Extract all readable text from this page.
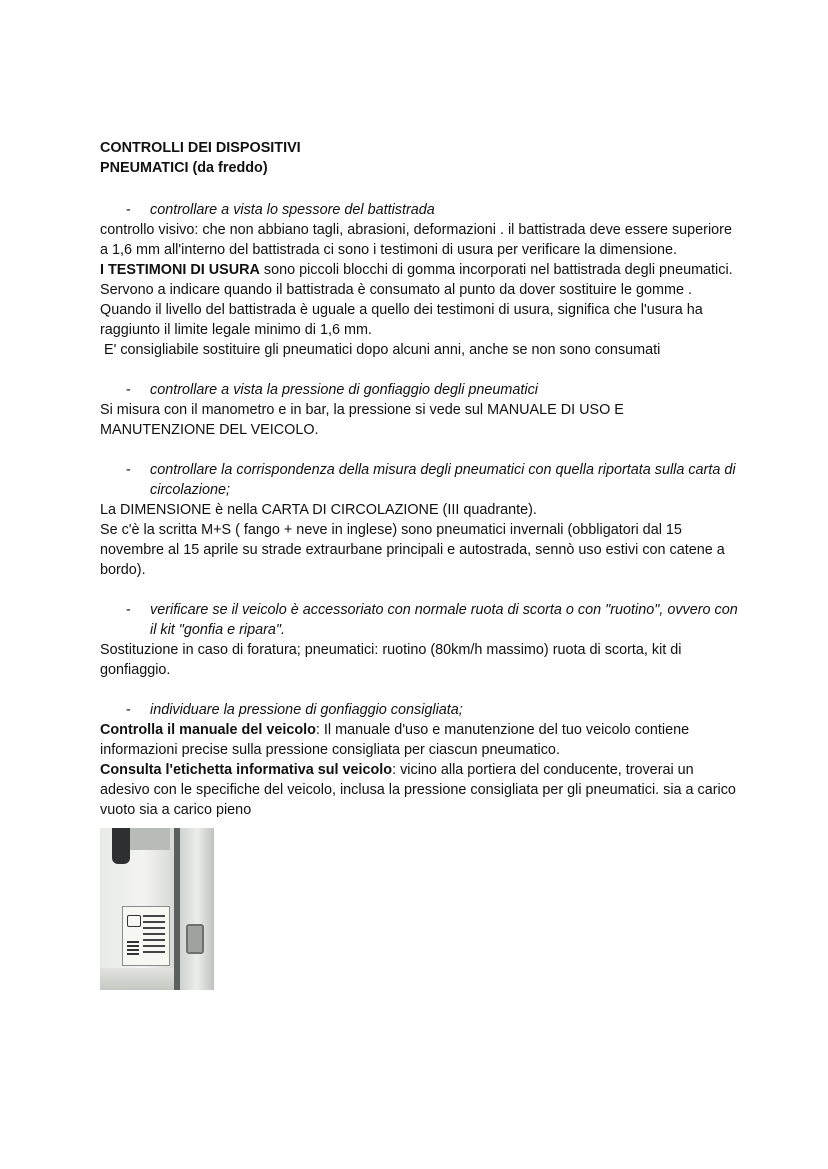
CONTROLLI DEI DISPOSITIVI

PNEUMATICI (da freddo)

- controllare a vista lo spessore del battistrada

controllo visivo: che non abbiano tagli, abrasioni, deformazioni . il battistrada deve essere superiore a 1,6 mm all'interno del battistrada ci sono i testimoni di usura per verificare la dimensione.

I TESTIMONI DI USURA sono piccoli blocchi di gomma incorporati nel battistrada degli pneumatici. Servono a indicare quando il battistrada è consumato al punto da dover sostituire le gomme . Quando il livello del battistrada è uguale a quello dei testimoni di usura, significa che l'usura ha raggiunto il limite legale minimo di 1,6 mm.

E' consigliabile sostituire gli pneumatici dopo alcuni anni, anche se non sono consumati

- controllare a vista la pressione di gonfiaggio degli pneumatici

Si misura con il manometro e in bar, la pressione si vede sul MANUALE DI USO E MANUTENZIONE DEL VEICOLO.

- controllare la corrispondenza della misura degli pneumatici con quella riportata sulla carta di circolazione;

La DIMENSIONE è nella CARTA DI CIRCOLAZIONE (III quadrante).

Se c'è la scritta M+S ( fango + neve in inglese) sono pneumatici invernali (obbligatori dal 15 novembre al 15 aprile su strade extraurbane principali e autostrada, sennò uso estivi con catene a bordo).

- verificare se il veicolo è accessoriato con normale ruota di scorta o con "ruotino", ovvero con il kit "gonfia e ripara".

Sostituzione in caso di foratura; pneumatici: ruotino (80km/h massimo) ruota di scorta, kit di gonfiaggio.

- individuare la pressione di gonfiaggio consigliata;

Controlla il manuale del veicolo: Il manuale d'uso e manutenzione del tuo veicolo contiene informazioni precise sulla pressione consigliata per ciascun pneumatico.

Consulta l'etichetta informativa sul veicolo: vicino alla portiera del conducente, troverai un adesivo con le specifiche del veicolo, inclusa la pressione consigliata per gli pneumatici. sia a carico vuoto sia a carico pieno
